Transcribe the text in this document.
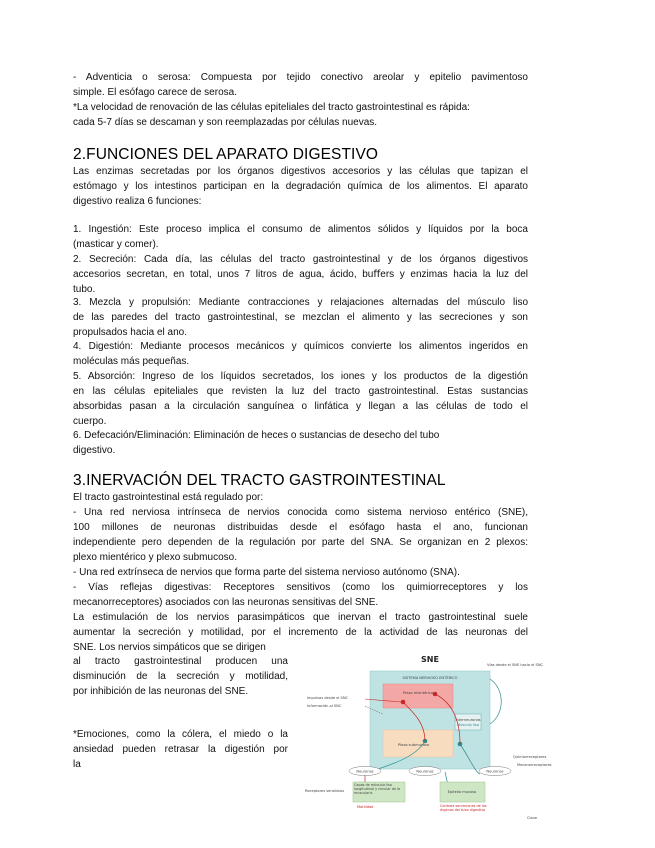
- Adventicia o serosa: Compuesta por tejido conectivo areolar y epitelio pavimentoso
simple. El esófago carece de serosa.

*La velocidad de renovación de las células epiteliales del tracto gastrointestinal es rápida:
cada 5-7 días se descaman y son reemplazadas por células nuevas.

2.FUNCIONES DEL APARATO DIGESTIVO

Las enzimas secretadas por los órganos digestivos accesorios y las células que tapizan el
estómago y los intestinos participan en la degradación química de los alimentos. El aparato
digestivo realiza 6 funciones:

1. Ingestión: Este proceso implica el consumo de alimentos sólidos y líquidos por la boca
(masticar y comer).

2. Secreción: Cada día, las células del tracto gastrointestinal y de los órganos digestivos
accesorios secretan, en total, unos 7 litros de agua, ácido, buﬀers y enzimas hacia la luz del
tubo.

3. Mezcla y propulsión: Mediante contracciones y relajaciones alternadas del músculo liso
de las paredes del tracto gastrointestinal, se mezclan el alimento y las secreciones y son
propulsados hacia el ano.

4. Digestión: Mediante procesos mecánicos y químicos convierte los alimentos ingeridos en
moléculas más pequeñas.

5. Absorción: Ingreso de los líquidos secretados, los iones y los productos de la digestión
en las células epiteliales que revisten la luz del tracto gastrointestinal. Estas sustancias
absorbidas pasan a la circulación sanguínea o linfática y llegan a las células de todo el
cuerpo.

6. Defecación/Eliminación: Eliminación de heces o sustancias de desecho del tubo
digestivo.

3.INERVACIÓN DEL TRACTO GASTROINTESTINAL

El tracto gastrointestinal está regulado por:
- Una red nerviosa intrínseca de nervios conocida como sistema nervioso entérico (SNE),
100 millones de neuronas distribuidas desde el esófago hasta el ano, funcionan
independiente pero dependen de la regulación por parte del SNA. Se organizan en 2 plexos:
plexo mientérico y plexo submucoso.
- Una red extrínseca de nervios que forma parte del sistema nervioso autónomo (SNA).
- Vías reflejas digestivas: Receptores sensitivos (como los quimiorreceptores y los
mecanorreceptores) asociados con las neuronas sensitivas del SNE.
La estimulación de los nervios parasimpáticos que inervan el tracto gastrointestinal suele
aumentar la secreción y motilidad, por el incremento de la actividad de las neuronas del
SNE. Los nervios simpáticos que se dirigen

al tracto gastrointestinal producen una
disminución de la secreción y motilidad,
por inhibición de las neuronas del SNE.

*Emociones, como la cólera, el miedo o la
ansiedad pueden retrasar la digestión por
la

SNE
SISTEMA NERVIOSO ENTÉRICO
Plexo mientérico
Plexo submucoso
Interneuronas
Músculo liso
Impulsos desde el SNC
Información al SNC
Receptores sensitivos
Vías desde el SNE hacia el SNC
Quimiorreceptores
Mecanorreceptores
Clave
Neuronas	Neuronas	Neuronas
Capas de músculo liso longitudinal y circular de la muscularis	Epitelio mucoso
Motilidad	Controla secreciones de los órganos del tubo digestivo
